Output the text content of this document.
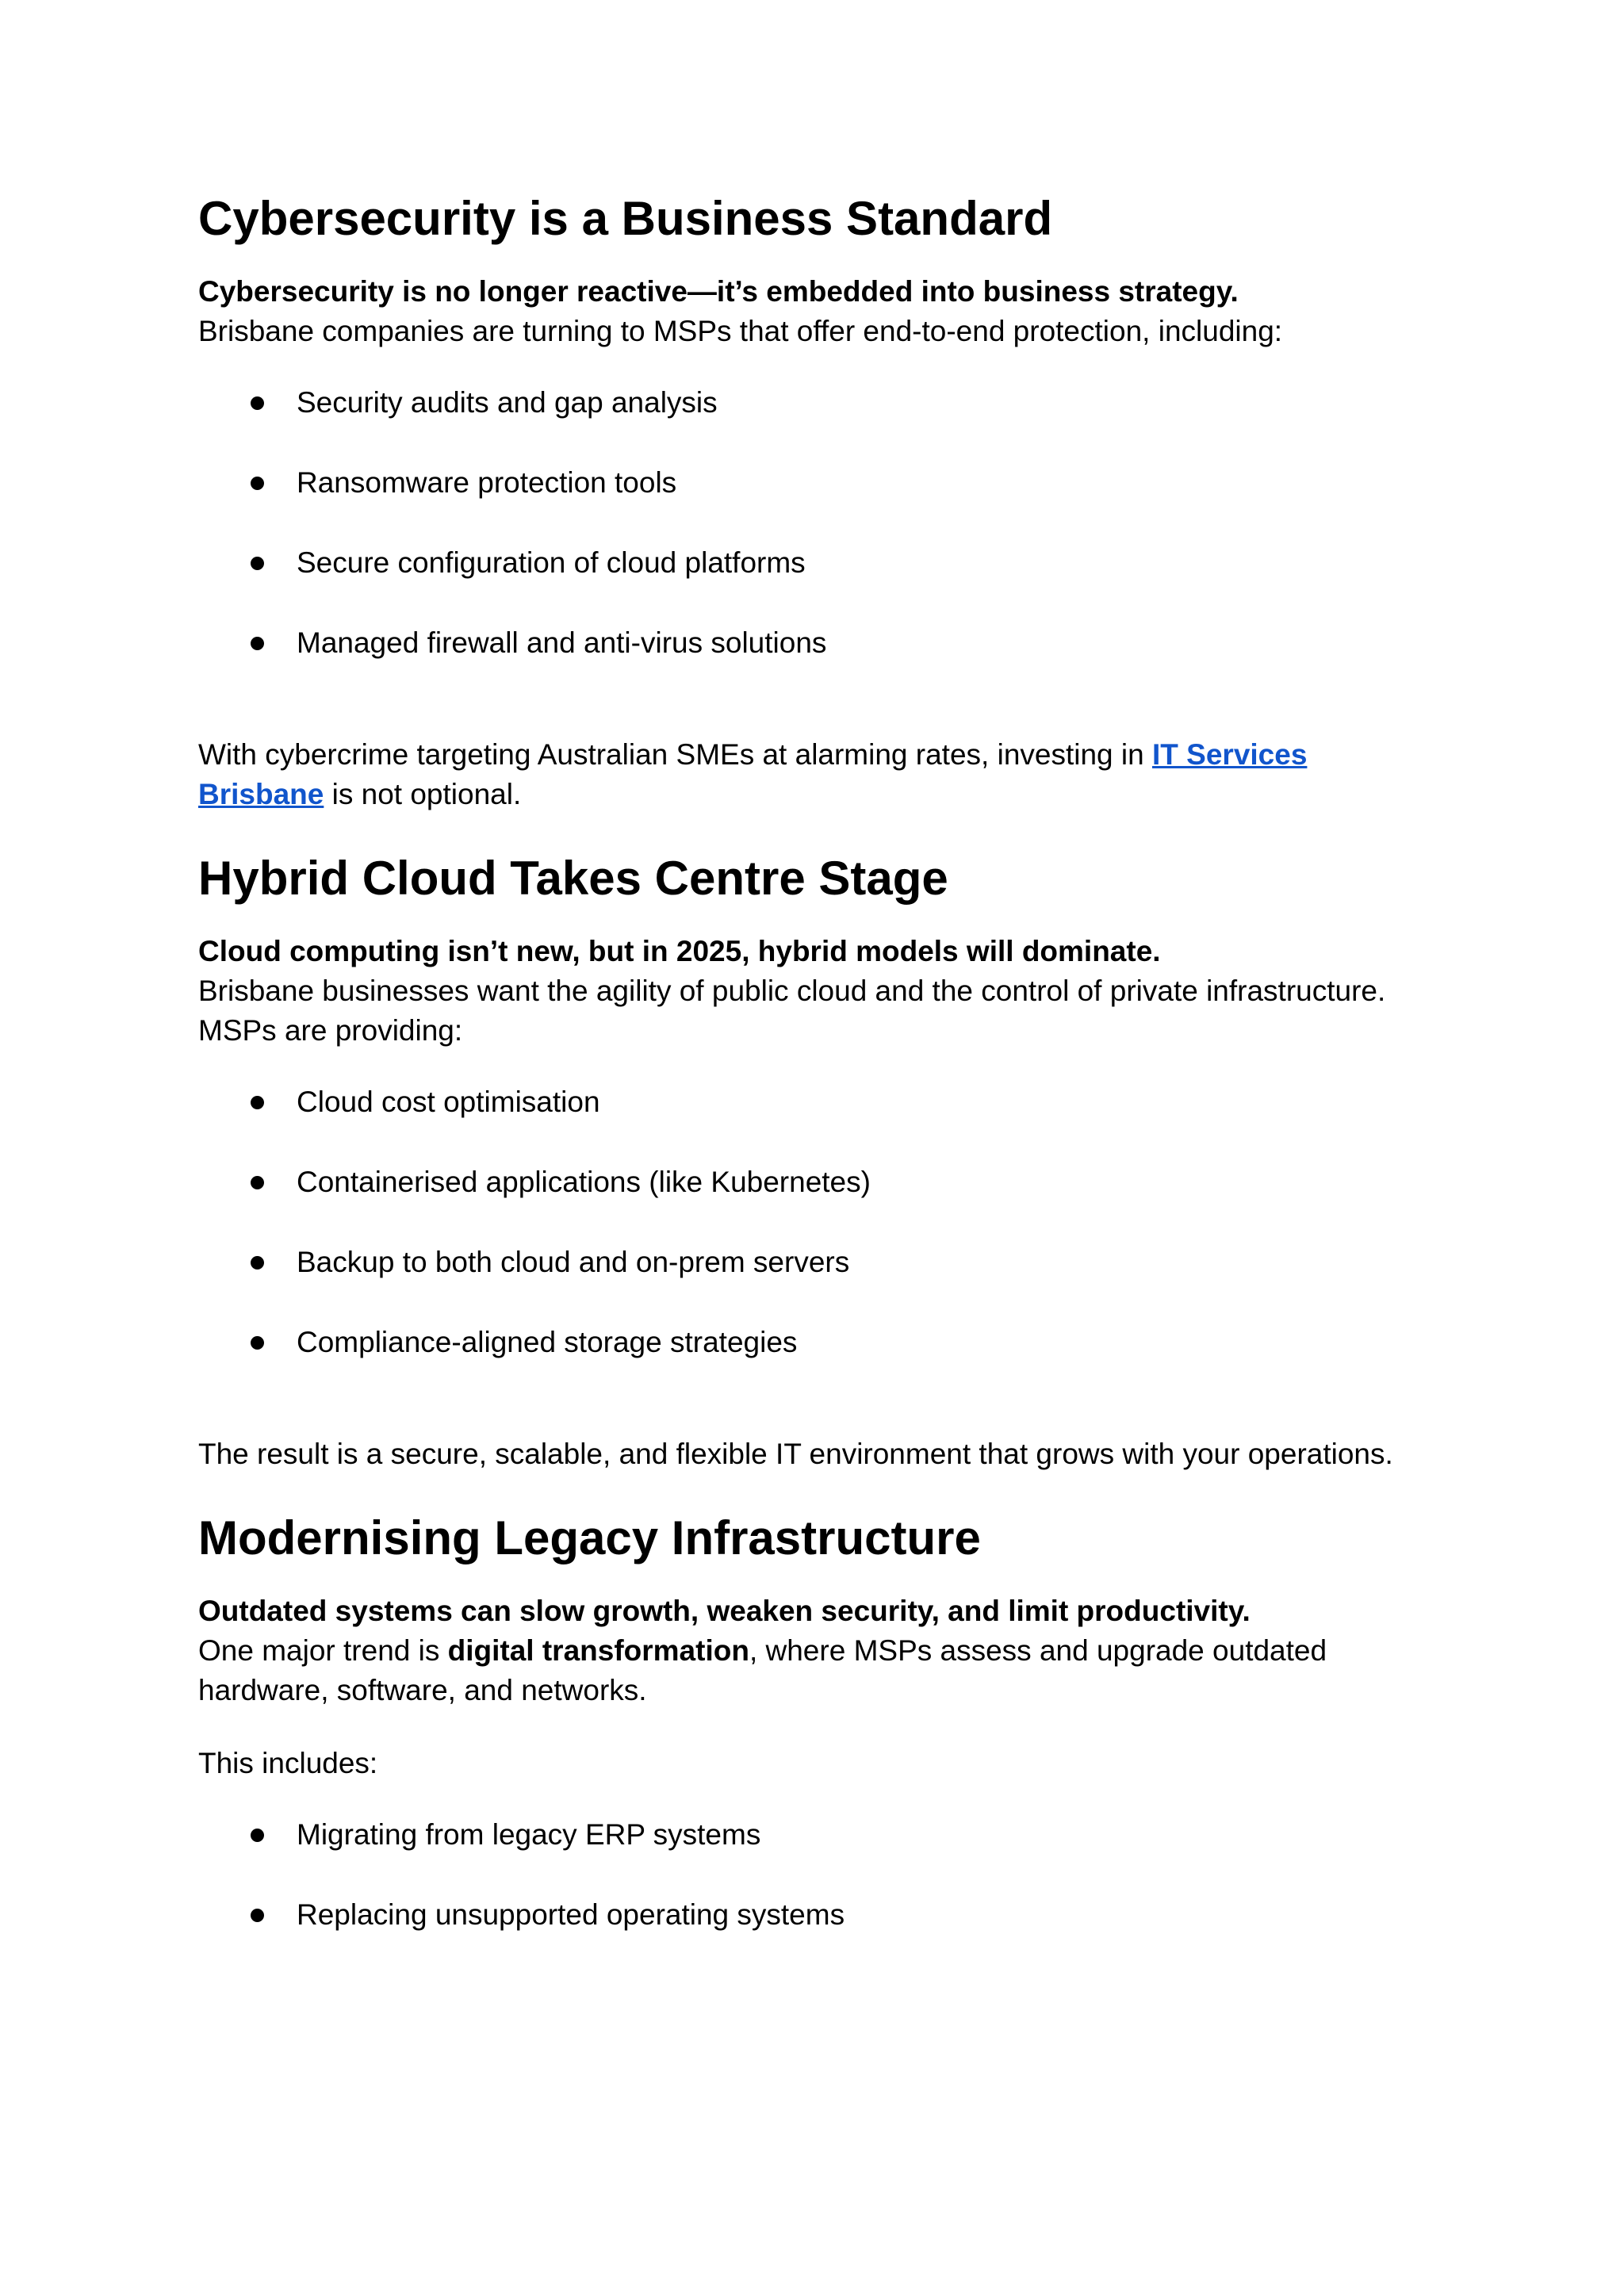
Cybersecurity is a Business Standard

Cybersecurity is no longer reactive—it’s embedded into business strategy.
Brisbane companies are turning to MSPs that offer end-to-end protection, including:

Security audits and gap analysis
Ransomware protection tools
Secure configuration of cloud platforms
Managed firewall and anti-virus solutions

With cybercrime targeting Australian SMEs at alarming rates, investing in IT Services Brisbane is not optional.

Hybrid Cloud Takes Centre Stage

Cloud computing isn’t new, but in 2025, hybrid models will dominate.
Brisbane businesses want the agility of public cloud and the control of private infrastructure. MSPs are providing:

Cloud cost optimisation
Containerised applications (like Kubernetes)
Backup to both cloud and on-prem servers
Compliance-aligned storage strategies

The result is a secure, scalable, and flexible IT environment that grows with your operations.

Modernising Legacy Infrastructure

Outdated systems can slow growth, weaken security, and limit productivity.
One major trend is digital transformation, where MSPs assess and upgrade outdated hardware, software, and networks.

This includes:

Migrating from legacy ERP systems
Replacing unsupported operating systems
